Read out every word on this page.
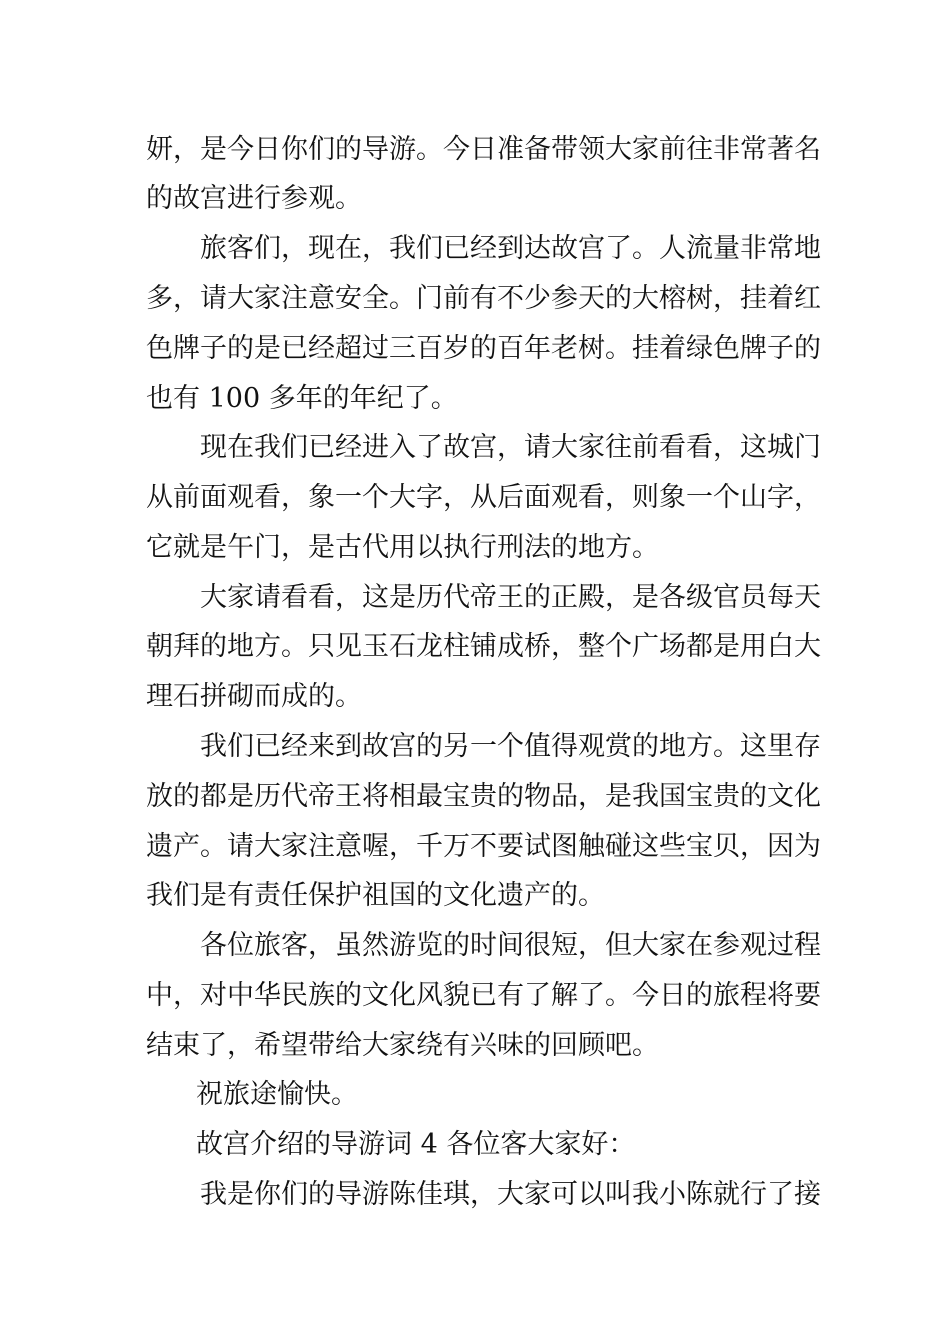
妍，是今日你们的导游。今日准备带领大家前往非常著名
的故宫进行参观。
旅客们，现在，我们已经到达故宫了。人流量非常地
多，请大家注意安全。门前有不少参天的大榕树，挂着红
色牌子的是已经超过三百岁的百年老树。挂着绿色牌子的
也有 100 多年的年纪了。
现在我们已经进入了故宫，请大家往前看看，这城门
从前面观看，象一个大字，从后面观看，则象一个山字，
它就是午门，是古代用以执行刑法的地方。
大家请看看，这是历代帝王的正殿，是各级官员每天
朝拜的地方。只见玉石龙柱铺成桥，整个广场都是用白大
理石拼砌而成的。
我们已经来到故宫的另一个值得观赏的地方。这里存
放的都是历代帝王将相最宝贵的物品，是我国宝贵的文化
遗产。请大家注意喔，千万不要试图触碰这些宝贝，因为
我们是有责任保护祖国的文化遗产的。
各位旅客，虽然游览的时间很短，但大家在参观过程
中，对中华民族的文化风貌已有了解了。今日的旅程将要
结束了，希望带给大家绕有兴味的回顾吧。
祝旅途愉快。
故宫介绍的导游词 4 各位客大家好：
我是你们的导游陈佳琪，大家可以叫我小陈就行了接
